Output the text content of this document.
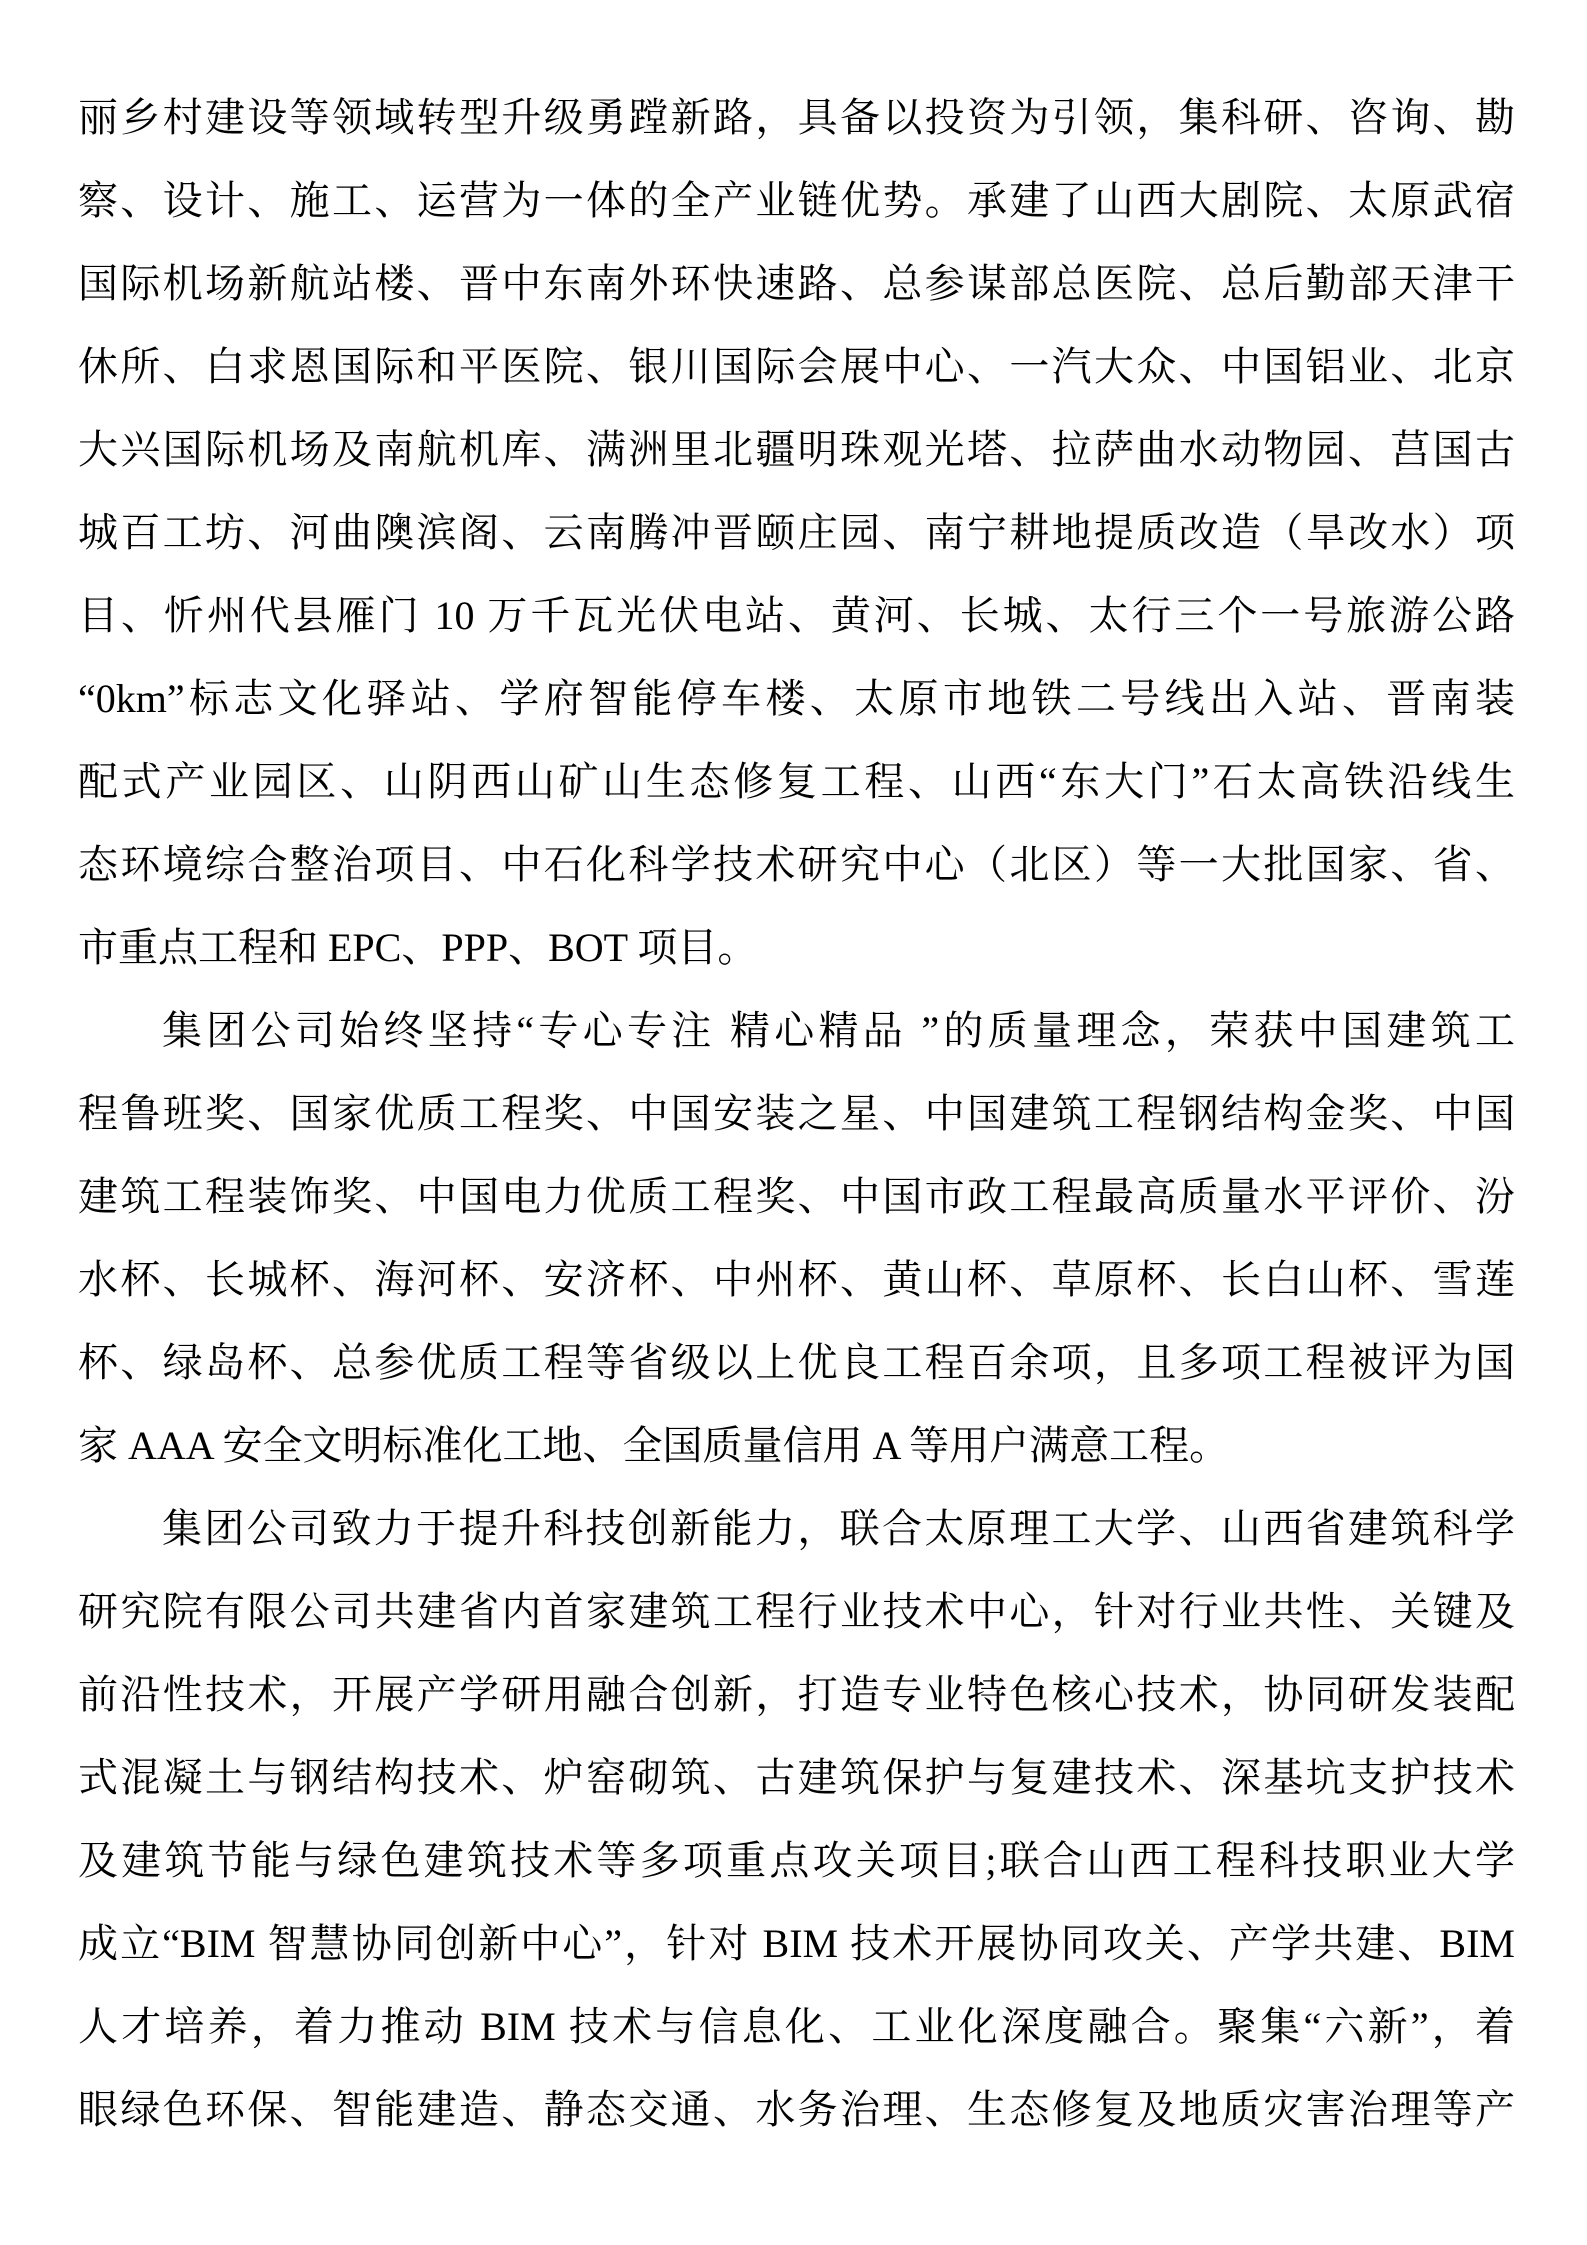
丽乡村建设等领域转型升级勇蹚新路，具备以投资为引领，集科研、咨询、勘
察、设计、施工、运营为一体的全产业链优势。承建了山西大剧院、太原武宿
国际机场新航站楼、晋中东南外环快速路、总参谋部总医院、总后勤部天津干
休所、白求恩国际和平医院、银川国际会展中心、一汽大众、中国铝业、北京
大兴国际机场及南航机库、满洲里北疆明珠观光塔、拉萨曲水动物园、莒国古
城百工坊、河曲隩滨阁、云南腾冲晋颐庄园、南宁耕地提质改造（旱改水）项
目、忻州代县雁门 10 万千瓦光伏电站、黄河、长城、太行三个一号旅游公路
“0km”标志文化驿站、学府智能停车楼、太原市地铁二号线出入站、晋南装
配式产业园区、山阴西山矿山生态修复工程、山西“东大门”石太高铁沿线生
态环境综合整治项目、中石化科学技术研究中心（北区）等一大批国家、省、
市重点工程和 EPC、PPP、BOT 项目。
集团公司始终坚持“专心专注 精心精品 ”的质量理念，荣获中国建筑工
程鲁班奖、国家优质工程奖、中国安装之星、中国建筑工程钢结构金奖、中国
建筑工程装饰奖、中国电力优质工程奖、中国市政工程最高质量水平评价、汾
水杯、长城杯、海河杯、安济杯、中州杯、黄山杯、草原杯、长白山杯、雪莲
杯、绿岛杯、总参优质工程等省级以上优良工程百余项，且多项工程被评为国
家 AAA 安全文明标准化工地、全国质量信用 A 等用户满意工程。
集团公司致力于提升科技创新能力，联合太原理工大学、山西省建筑科学
研究院有限公司共建省内首家建筑工程行业技术中心，针对行业共性、关键及
前沿性技术，开展产学研用融合创新，打造专业特色核心技术，协同研发装配
式混凝土与钢结构技术、炉窑砌筑、古建筑保护与复建技术、深基坑支护技术
及建筑节能与绿色建筑技术等多项重点攻关项目;联合山西工程科技职业大学
成立“BIM 智慧协同创新中心”，针对 BIM 技术开展协同攻关、产学共建、BIM
人才培养，着力推动 BIM 技术与信息化、工业化深度融合。聚集“六新”，着
眼绿色环保、智能建造、静态交通、水务治理、生态修复及地质灾害治理等产
